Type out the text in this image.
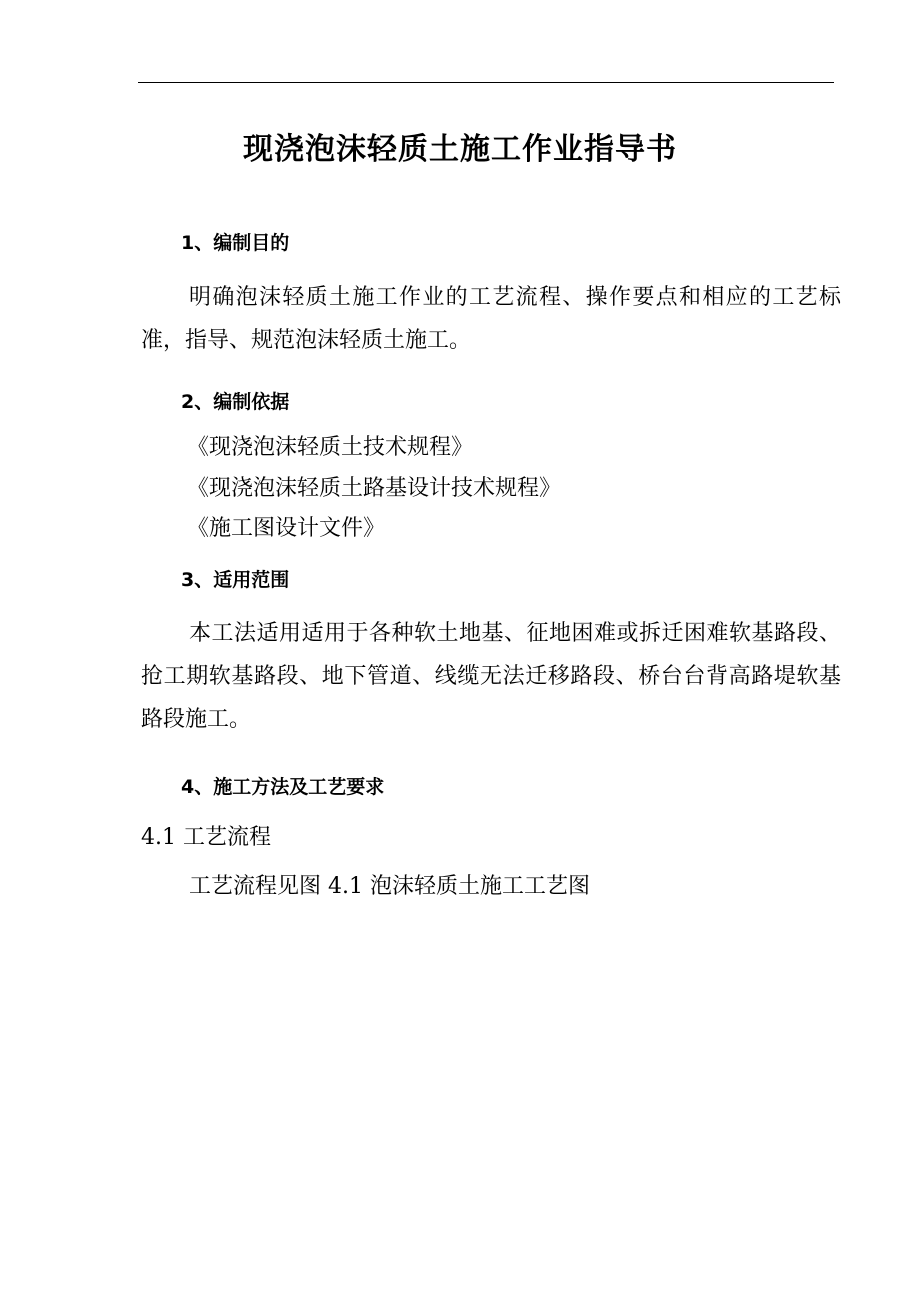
现浇泡沫轻质土施工作业指导书
1、编制目的
明确泡沫轻质土施工作业的工艺流程、操作要点和相应的工艺标准，指导、规范泡沫轻质土施工。
2、编制依据
《现浇泡沫轻质土技术规程》
《现浇泡沫轻质土路基设计技术规程》
《施工图设计文件》
3、适用范围
本工法适用适用于各种软土地基、征地困难或拆迁困难软基路段、抢工期软基路段、地下管道、线缆无法迁移路段、桥台台背高路堤软基路段施工。
4、施工方法及工艺要求
4.1 工艺流程
工艺流程见图 4.1 泡沫轻质土施工工艺图
